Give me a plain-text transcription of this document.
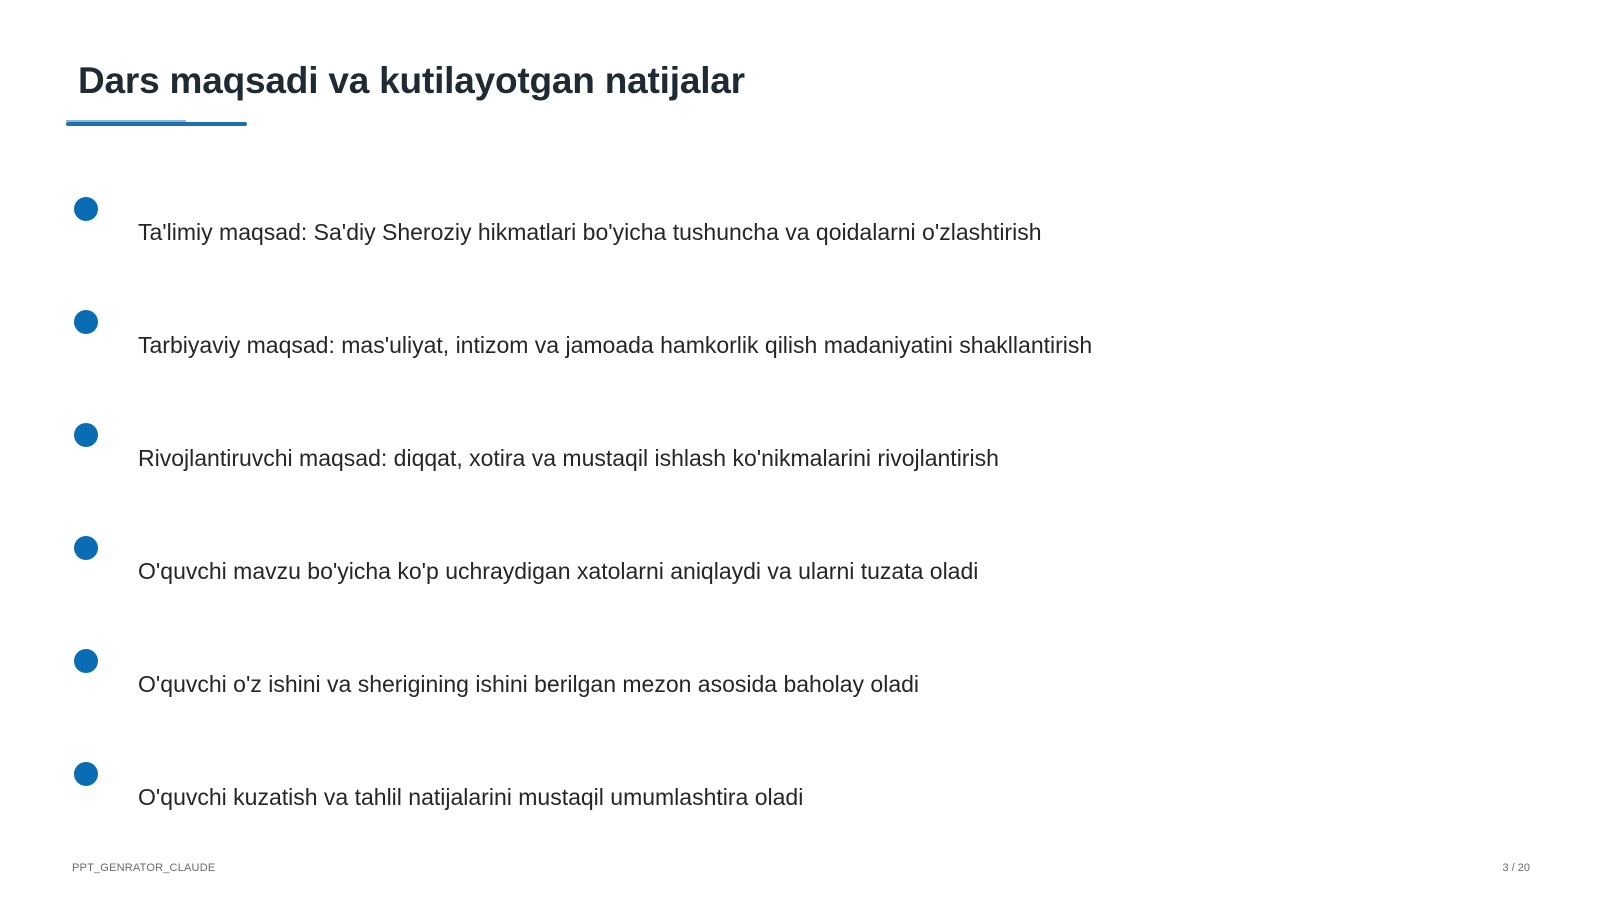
Dars maqsadi va kutilayotgan natijalar
Ta'limiy maqsad: Sa'diy Sheroziy hikmatlari bo'yicha tushuncha va qoidalarni o'zlashtirish
Tarbiyaviy maqsad: mas'uliyat, intizom va jamoada hamkorlik qilish madaniyatini shakllantirish
Rivojlantiruvchi maqsad: diqqat, xotira va mustaqil ishlash ko'nikmalarini rivojlantirish
O'quvchi mavzu bo'yicha ko'p uchraydigan xatolarni aniqlaydi va ularni tuzata oladi
O'quvchi o'z ishini va sherigining ishini berilgan mezon asosida baholay oladi
O'quvchi kuzatish va tahlil natijalarini mustaqil umumlashtira oladi
PPT_GENRATOR_CLAUDE	3 / 20
